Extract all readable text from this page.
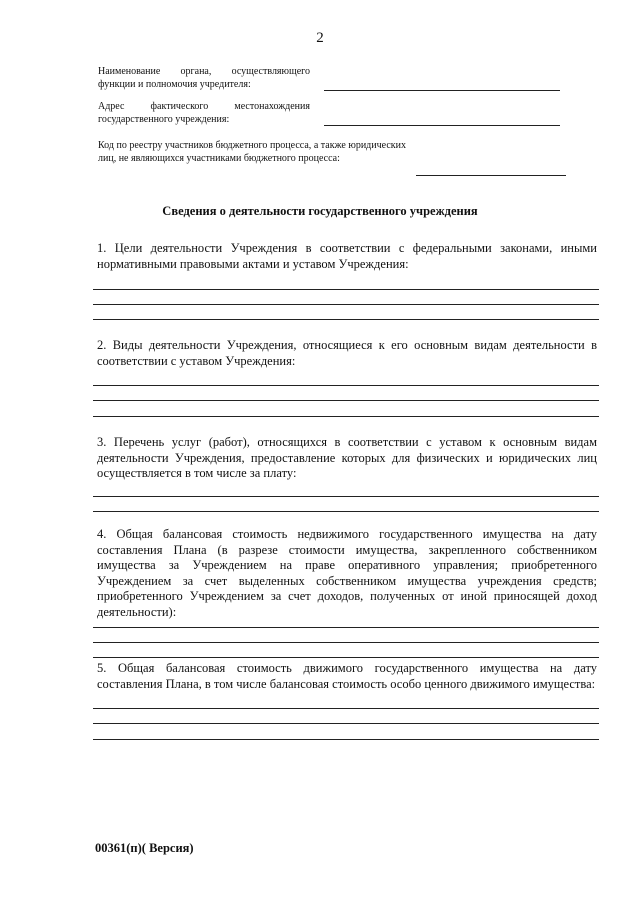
2
Наименование органа, осуществляющего функции и полномочия учредителя:
Адрес фактического местонахождения государственного учреждения:
Код по реестру участников бюджетного процесса, а также юридических лиц, не являющихся участниками бюджетного процесса:
Сведения о деятельности государственного учреждения
1. Цели деятельности Учреждения в соответствии с федеральными законами, иными нормативными правовыми актами и уставом Учреждения:
2. Виды деятельности Учреждения, относящиеся к его основным видам деятельности в соответствии с уставом Учреждения:
3. Перечень услуг (работ), относящихся в соответствии с уставом к основным видам деятельности Учреждения, предоставление которых для физических и юридических лиц осуществляется в том числе за плату:
4. Общая балансовая стоимость недвижимого государственного имущества на дату составления Плана (в разрезе стоимости имущества, закрепленного собственником имущества за Учреждением на праве оперативного управления; приобретенного Учреждением за счет выделенных собственником имущества учреждения средств; приобретенного Учреждением за счет доходов, полученных от иной приносящей доход деятельности):
5. Общая балансовая стоимость движимого государственного имущества на дату составления Плана, в том числе балансовая стоимость особо ценного движимого имущества:
00361(п)( Версия)
